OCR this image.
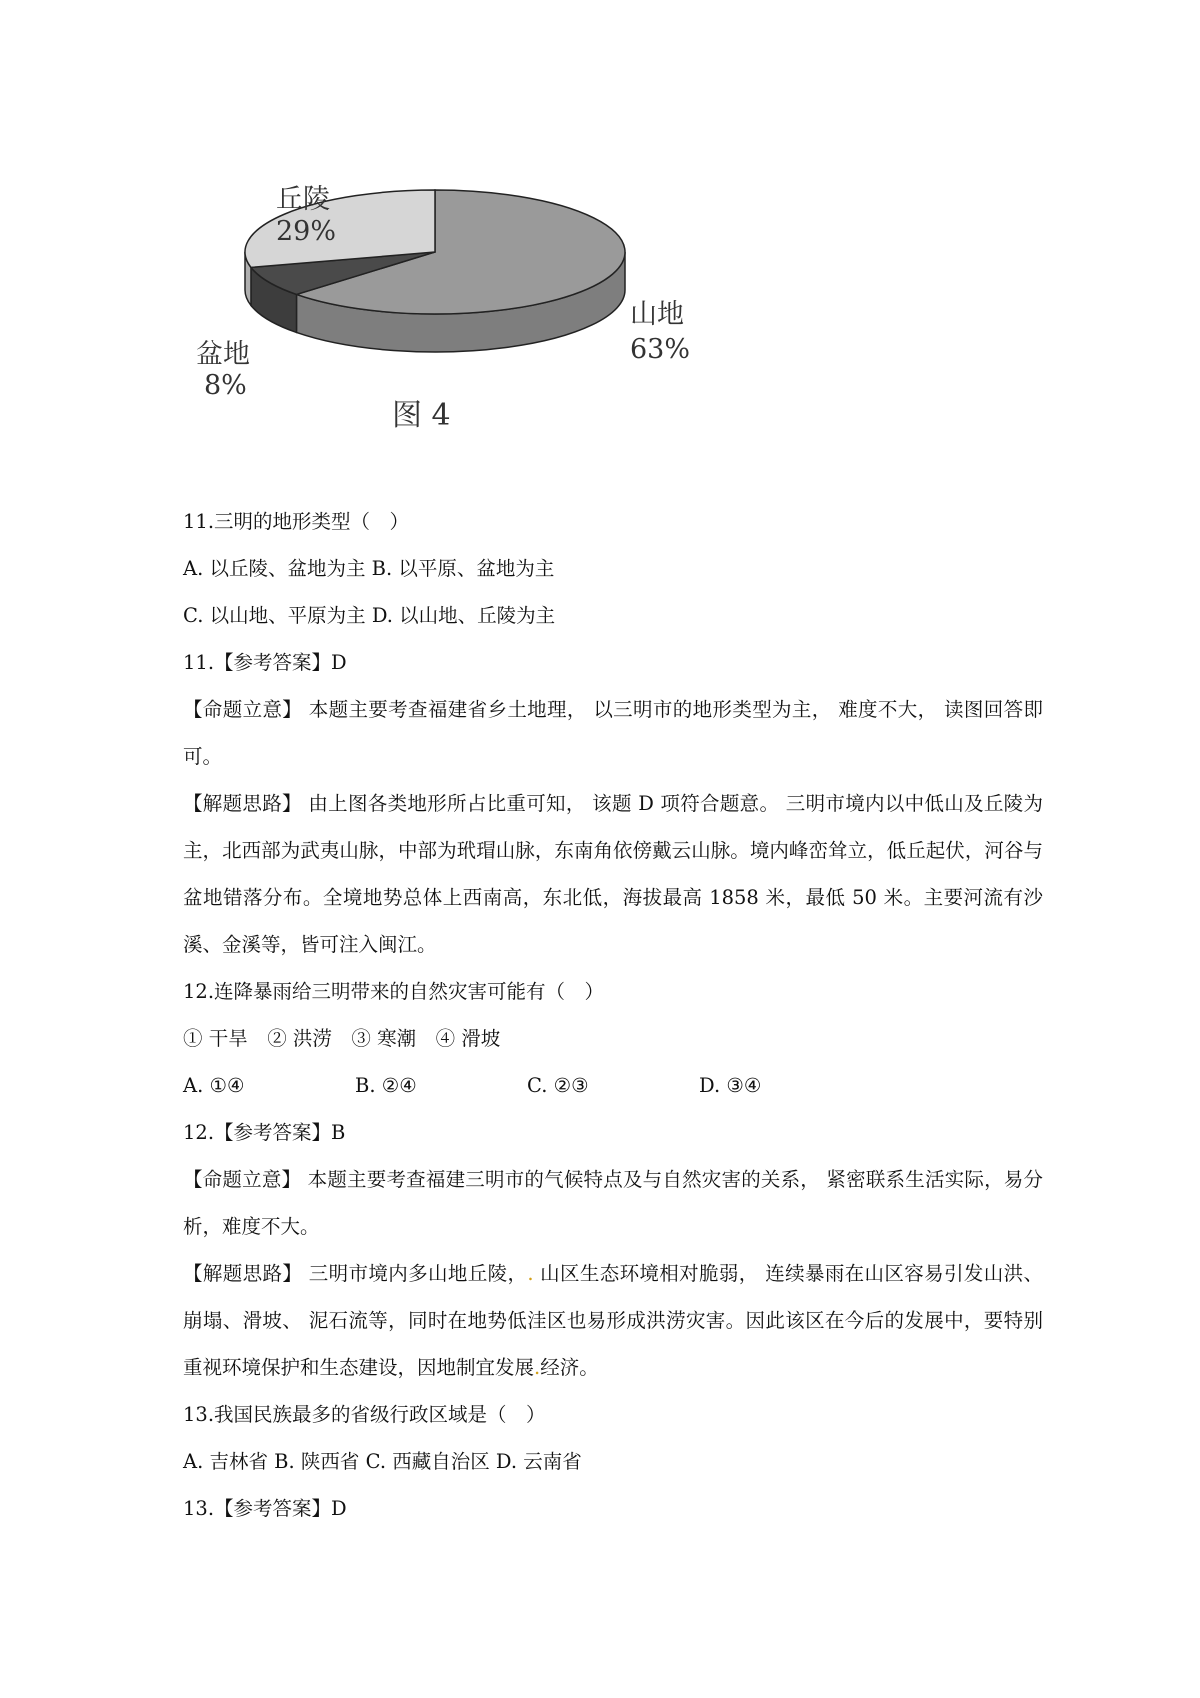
丘陵
29%
山地
63%
盆地
8%
图 4

11.三明的地形类型（　）

A. 以丘陵、盆地为主 B. 以平原、盆地为主

C. 以山地、平原为主 D. 以山地、丘陵为主

11.【参考答案】D

【命题立意】 本题主要考查福建省乡土地理， 以三明市的地形类型为主， 难度不大， 读图回答即可。

【解题思路】 由上图各类地形所占比重可知， 该题 D 项符合题意。 三明市境内以中低山及丘陵为主，北西部为武夷山脉，中部为玳瑁山脉，东南角依傍戴云山脉。境内峰峦耸立，低丘起伏，河谷与盆地错落分布。全境地势总体上西南高，东北低，海拔最高 1858 米，最低 50 米。主要河流有沙溪、金溪等，皆可注入闽江。

12.连降暴雨给三明带来的自然灾害可能有（　）

① 干旱　② 洪涝　③ 寒潮　④ 滑坡

A. ①④	B. ②④	C. ②③	D. ③④

12.【参考答案】B

【命题立意】 本题主要考查福建三明市的气候特点及与自然灾害的关系， 紧密联系生活实际，易分析，难度不大。

【解题思路】 三明市境内多山地丘陵，. 山区生态环境相对脆弱， 连续暴雨在山区容易引发山洪、崩塌、滑坡、 泥石流等，同时在地势低洼区也易形成洪涝灾害。因此该区在今后的发展中，要特别重视环境保护和生态建设，因地制宜发展.经济。

13.我国民族最多的省级行政区域是（　）

A. 吉林省 B. 陕西省 C. 西藏自治区 D. 云南省

13.【参考答案】D
